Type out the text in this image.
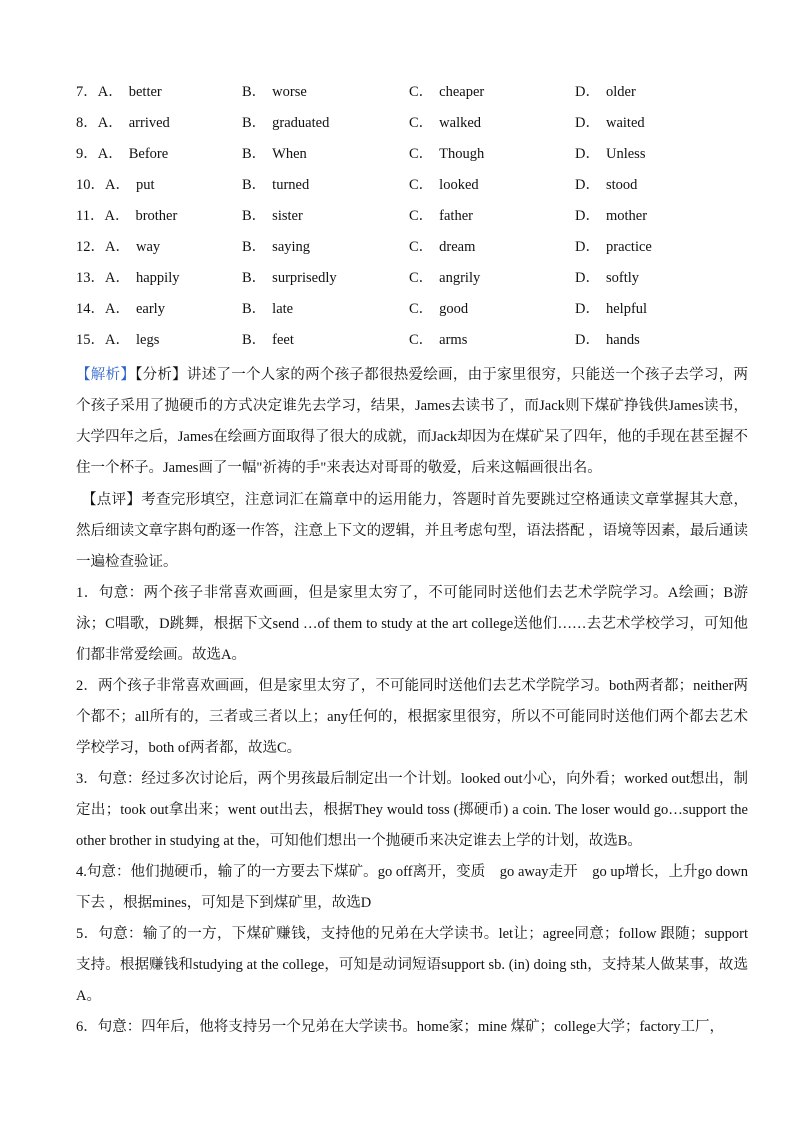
7．A． better	B． worse	C． cheaper	D． older
8．A． arrived	B． graduated	C． walked	D． waited
9．A． Before	B． When	C． Though	D． Unless
10．A． put	B． turned	C． looked	D． stood
11．A． brother	B． sister	C． father	D． mother
12．A． way	B． saying	C． dream	D． practice
13．A． happily	B． surprisedly	C． angrily	D． softly
14．A． early	B． late	C． good	D． helpful
15．A． legs	B． feet	C． arms	D． hands
【解析】【分析】讲述了一个人家的两个孩子都很热爱绘画，由于家里很穷，只能送一个孩子去学习，两个孩子采用了抛硬币的方式决定谁先去学习，结果，James去读书了，而Jack则下煤矿挣钱供James读书，大学四年之后，James在绘画方面取得了很大的成就，而Jack却因为在煤矿呆了四年，他的手现在甚至握不住一个杯子。James画了一幅"祈祷的手"来表达对哥哥的敬爱，后来这幅画很出名。
【点评】考查完形填空，注意词汇在篇章中的运用能力，答题时首先要跳过空格通读文章掌握其大意，然后细读文章字斟句酌逐一作答，注意上下文的逻辑，并且考虑句型，语法搭配 ，语境等因素，最后通读一遍检查验证。
1．句意：两个孩子非常喜欢画画，但是家里太穷了，不可能同时送他们去艺术学院学习。A绘画；B游泳；C唱歌，D跳舞，根据下文send …of them to study at the art college送他们……去艺术学校学习，可知他们都非常爱绘画。故选A。
2．两个孩子非常喜欢画画，但是家里太穷了，不可能同时送他们去艺术学院学习。both两者都；neither两个都不；all所有的，三者或三者以上；any任何的，根据家里很穷，所以不可能同时送他们两个都去艺术学校学习，both of两者都，故选C。
3．句意：经过多次讨论后，两个男孩最后制定出一个计划。looked out小心，向外看；worked out想出，制定出；took out拿出来；went out出去，根据They would toss (掷硬币) a coin. The loser would go…support the other brother in studying at the，可知他们想出一个抛硬币来决定谁去上学的计划，故选B。
4.句意：他们抛硬币，输了的一方要去下煤矿。go off离开，变质　go away走开　go up增长，上升go down下去 ，根据mines，可知是下到煤矿里，故选D
5．句意：输了的一方，下煤矿赚钱，支持他的兄弟在大学读书。let让；agree同意；follow 跟随；support支持。根据赚钱和studying at the college，可知是动词短语support sb. (in) doing sth，支持某人做某事，故选A。
6．句意：四年后，他将支持另一个兄弟在大学读书。home家；mine 煤矿；college大学；factory工厂，
